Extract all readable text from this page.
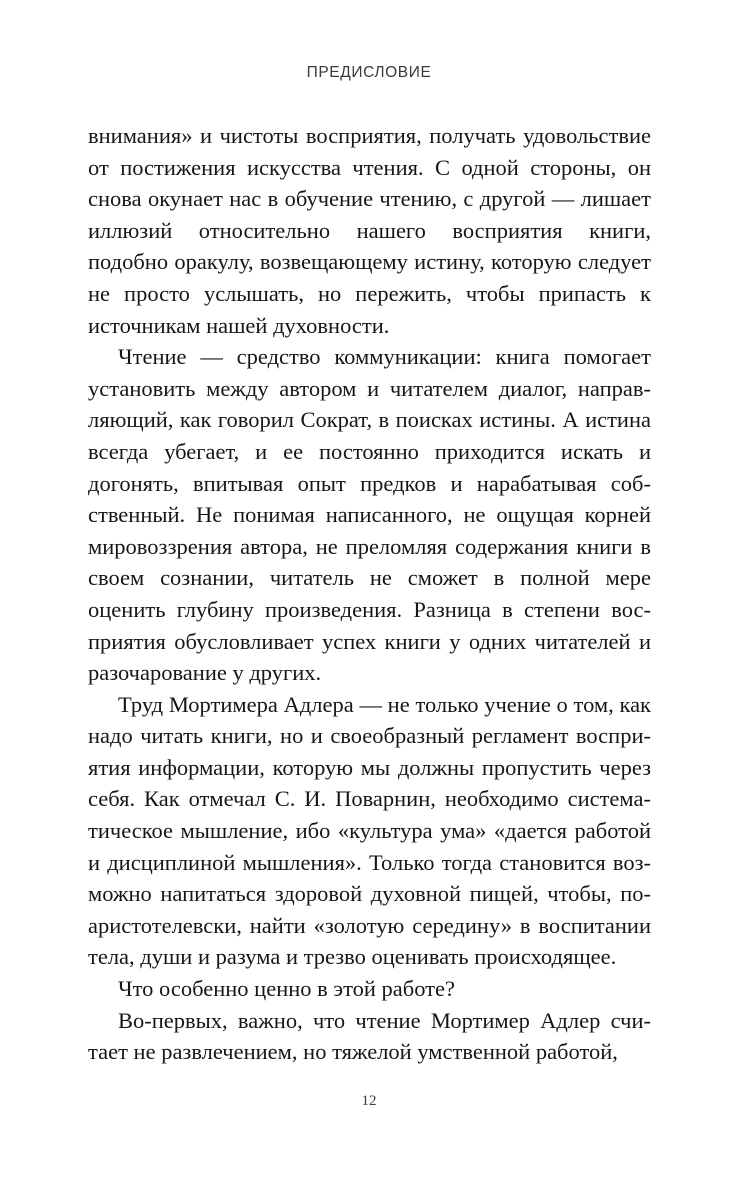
ПРЕДИСЛОВИЕ

внимания» и чистоты восприятия, получать удовольствие от постижения искусства чтения. С одной стороны, он снова окунает нас в обучение чтению, с другой — лишает иллюзий относительно нашего восприятия книги, подобно оракулу, возвещающему истину, которую следует не просто услышать, но пережить, чтобы припасть к источникам нашей духовности.

Чтение — средство коммуникации: книга помогает установить между автором и читателем диалог, направляющий, как говорил Сократ, в поисках истины. А истина всегда убегает, и ее постоянно приходится искать и догонять, впитывая опыт предков и нарабатывая собственный. Не понимая написанного, не ощущая корней мировоззрения автора, не преломляя содержания книги в своем сознании, читатель не сможет в полной мере оценить глубину произведения. Разница в степени восприятия обусловливает успех книги у одних читателей и разочарование у других.

Труд Мортимера Адлера — не только учение о том, как надо читать книги, но и своеобразный регламент восприятия информации, которую мы должны пропустить через себя. Как отмечал С. И. Поварнин, необходимо систематическое мышление, ибо «культура ума» «дается работой и дисциплиной мышления». Только тогда становится возможно напитаться здоровой духовной пищей, чтобы, по-аристотелевски, найти «золотую середину» в воспитании тела, души и разума и трезво оценивать происходящее.

Что особенно ценно в этой работе?

Во-первых, важно, что чтение Мортимер Адлер считает не развлечением, но тяжелой умственной работой,

12
